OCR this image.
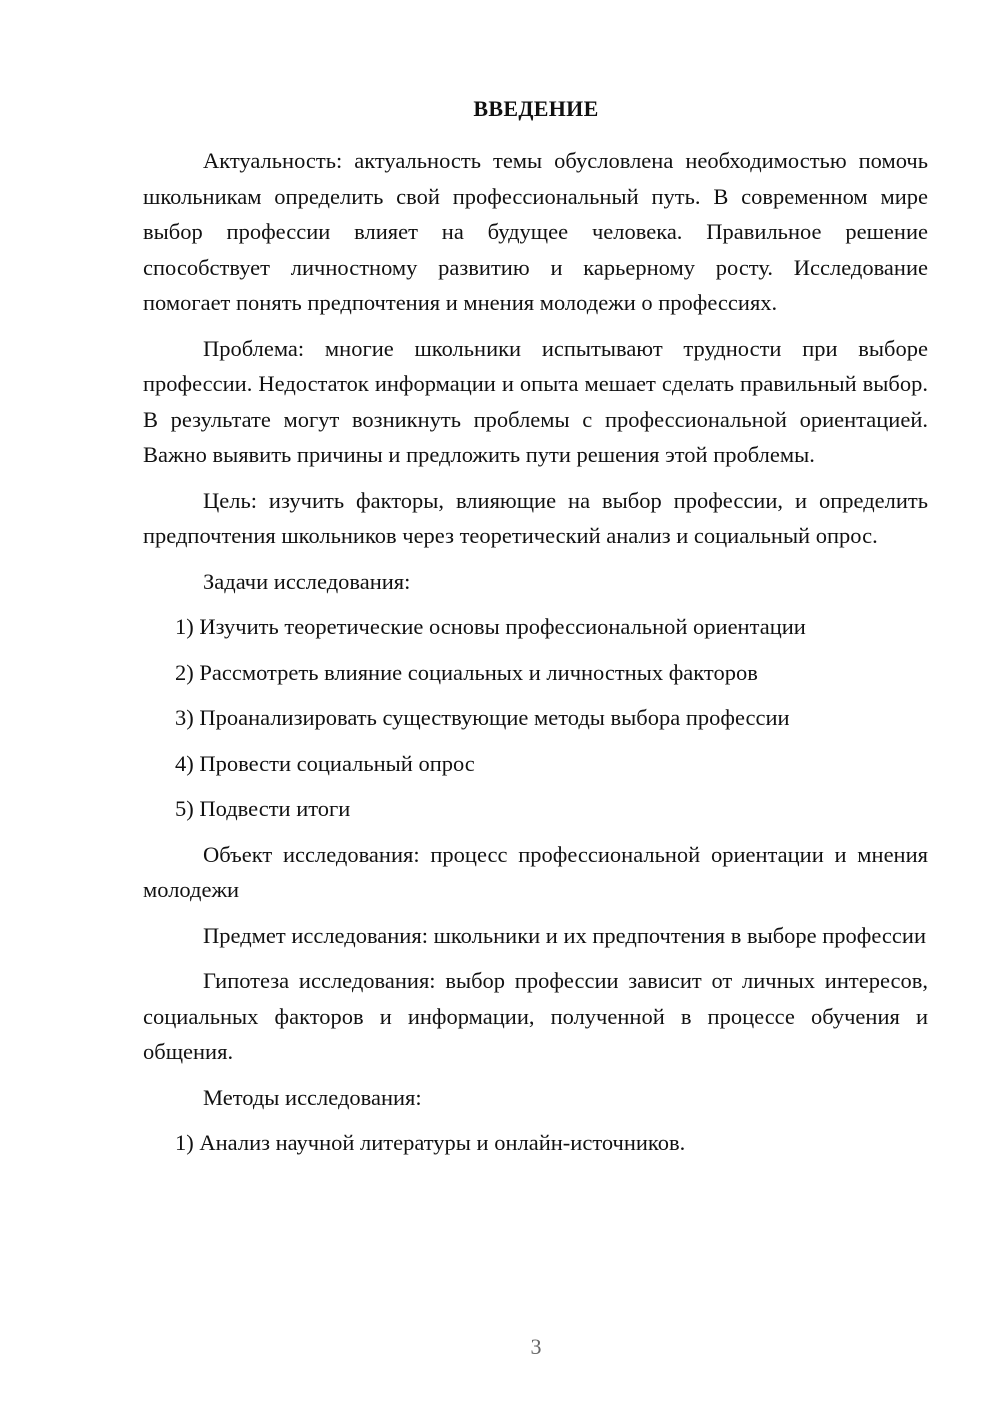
ВВЕДЕНИЕ

Актуальность: актуальность темы обусловлена необходимостью помочь школьникам определить свой профессиональный путь. В современном мире выбор профессии влияет на будущее человека. Правильное решение способствует личностному развитию и карьерному росту. Исследование помогает понять предпочтения и мнения молодежи о профессиях.

Проблема: многие школьники испытывают трудности при выборе профессии. Недостаток информации и опыта мешает сделать правильный выбор. В результате могут возникнуть проблемы с профессиональной ориентацией. Важно выявить причины и предложить пути решения этой проблемы.

Цель: изучить факторы, влияющие на выбор профессии, и определить предпочтения школьников через теоретический анализ и социальный опрос.

Задачи исследования:

1) Изучить теоретические основы профессиональной ориентации

2) Рассмотреть влияние социальных и личностных факторов

3) Проанализировать существующие методы выбора профессии

4) Провести социальный опрос

5) Подвести итоги

Объект исследования: процесс профессиональной ориентации и мнения молодежи

Предмет исследования: школьники и их предпочтения в выборе профессии

Гипотеза исследования: выбор профессии зависит от личных интересов, социальных факторов и информации, полученной в процессе обучения и общения.

Методы исследования:

1) Анализ научной литературы и онлайн-источников.

3
